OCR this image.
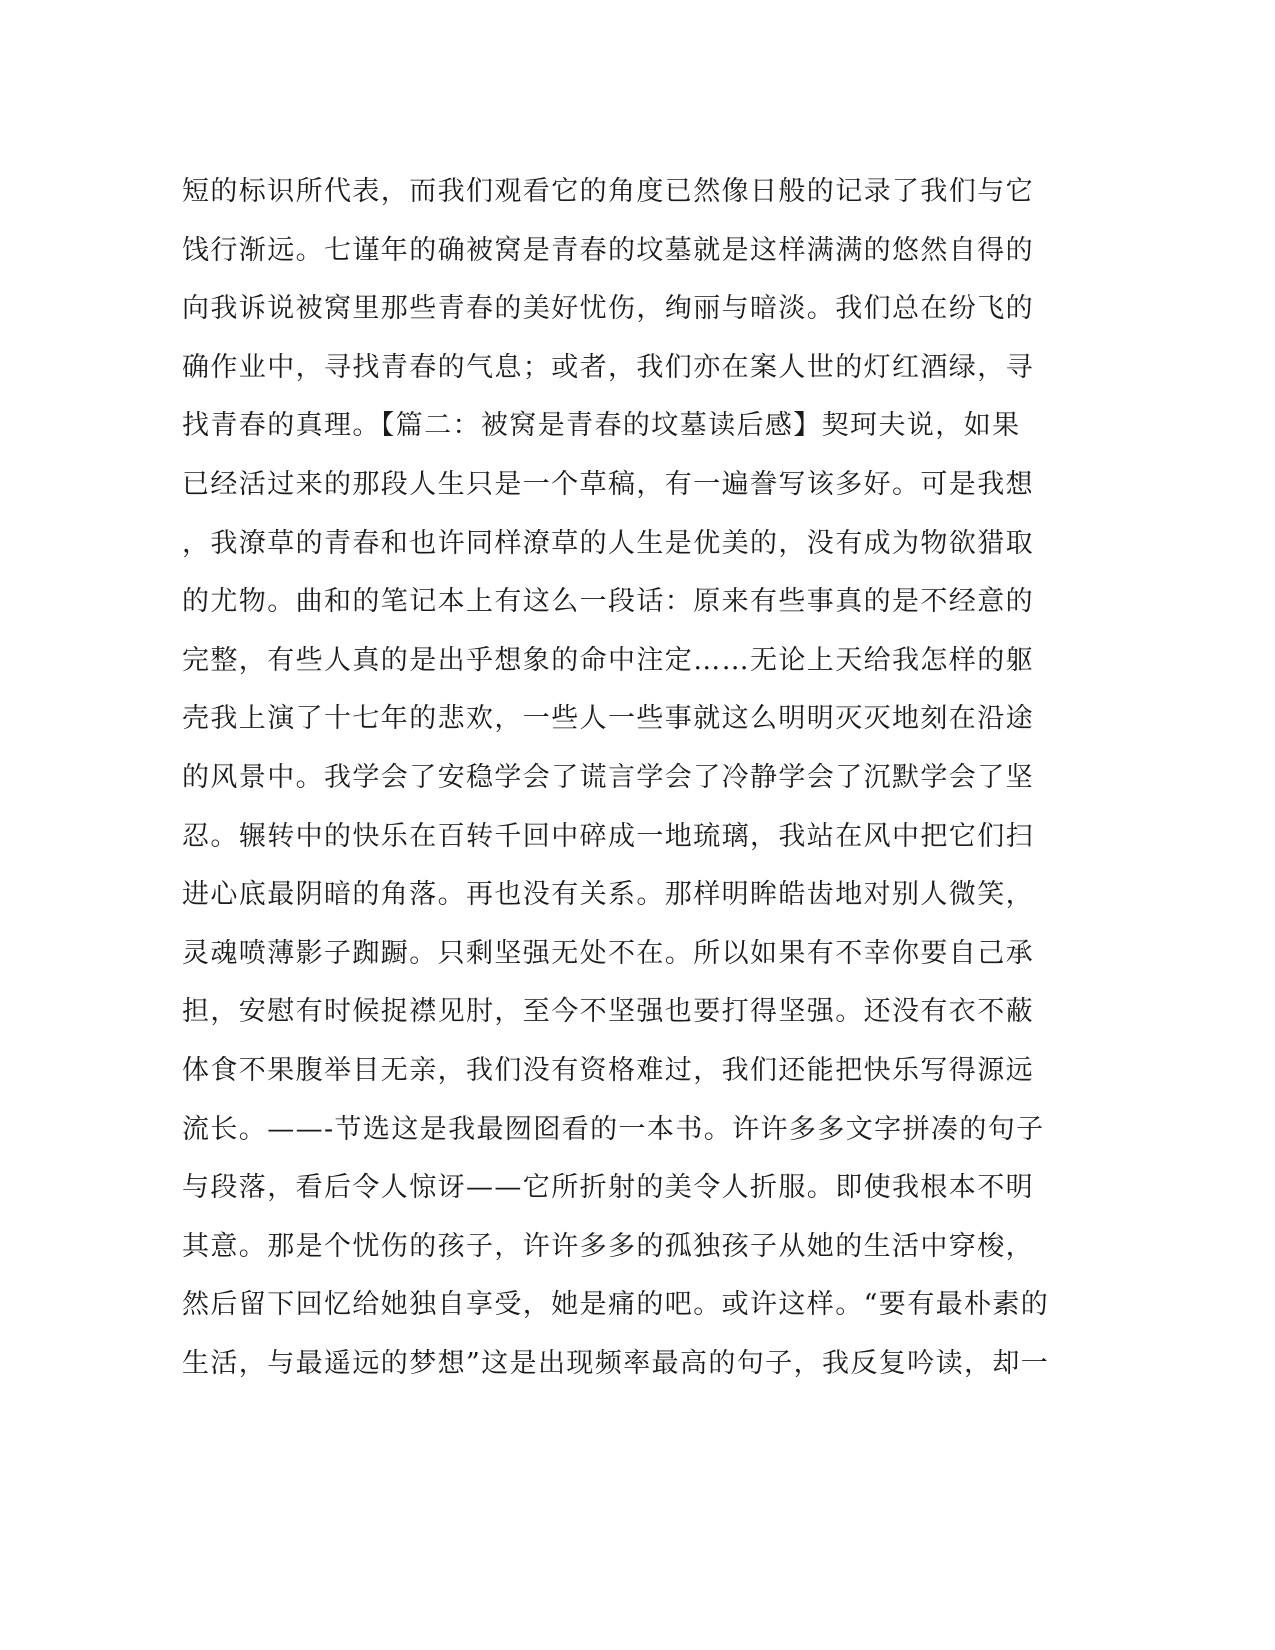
短的标识所代表，而我们观看它的角度已然像日般的记录了我们与它
饯行渐远。七谨年的确被窝是青春的坟墓就是这样满满的悠然自得的
向我诉说被窝里那些青春的美好忧伤，绚丽与暗淡。我们总在纷飞的
确作业中，寻找青春的气息；或者，我们亦在案人世的灯红酒绿，寻
找青春的真理。【篇二：被窝是青春的坟墓读后感】契珂夫说，如果
已经活过来的那段人生只是一个草稿，有一遍誊写该多好。可是我想
，我潦草的青春和也许同样潦草的人生是优美的，没有成为物欲猎取
的尤物。曲和的笔记本上有这么一段话：原来有些事真的是不经意的
完整，有些人真的是出乎想象的命中注定……无论上天给我怎样的躯
壳我上演了十七年的悲欢，一些人一些事就这么明明灭灭地刻在沿途
的风景中。我学会了安稳学会了谎言学会了冷静学会了沉默学会了坚
忍。辗转中的快乐在百转千回中碎成一地琉璃，我站在风中把它们扫
进心底最阴暗的角落。再也没有关系。那样明眸皓齿地对别人微笑，
灵魂喷薄影子踟蹰。只剩坚强无处不在。所以如果有不幸你要自己承
担，安慰有时候捉襟见肘，至今不坚强也要打得坚强。还没有衣不蔽
体食不果腹举目无亲，我们没有资格难过，我们还能把快乐写得源远
流长。——-节选这是我最囫囵看的一本书。许许多多文字拼凑的句子
与段落，看后令人惊讶——它所折射的美令人折服。即使我根本不明
其意。那是个忧伤的孩子，许许多多的孤独孩子从她的生活中穿梭，
然后留下回忆给她独自享受，她是痛的吧。或许这样。“要有最朴素的
生活，与最遥远的梦想”这是出现频率最高的句子，我反复吟读，却一
